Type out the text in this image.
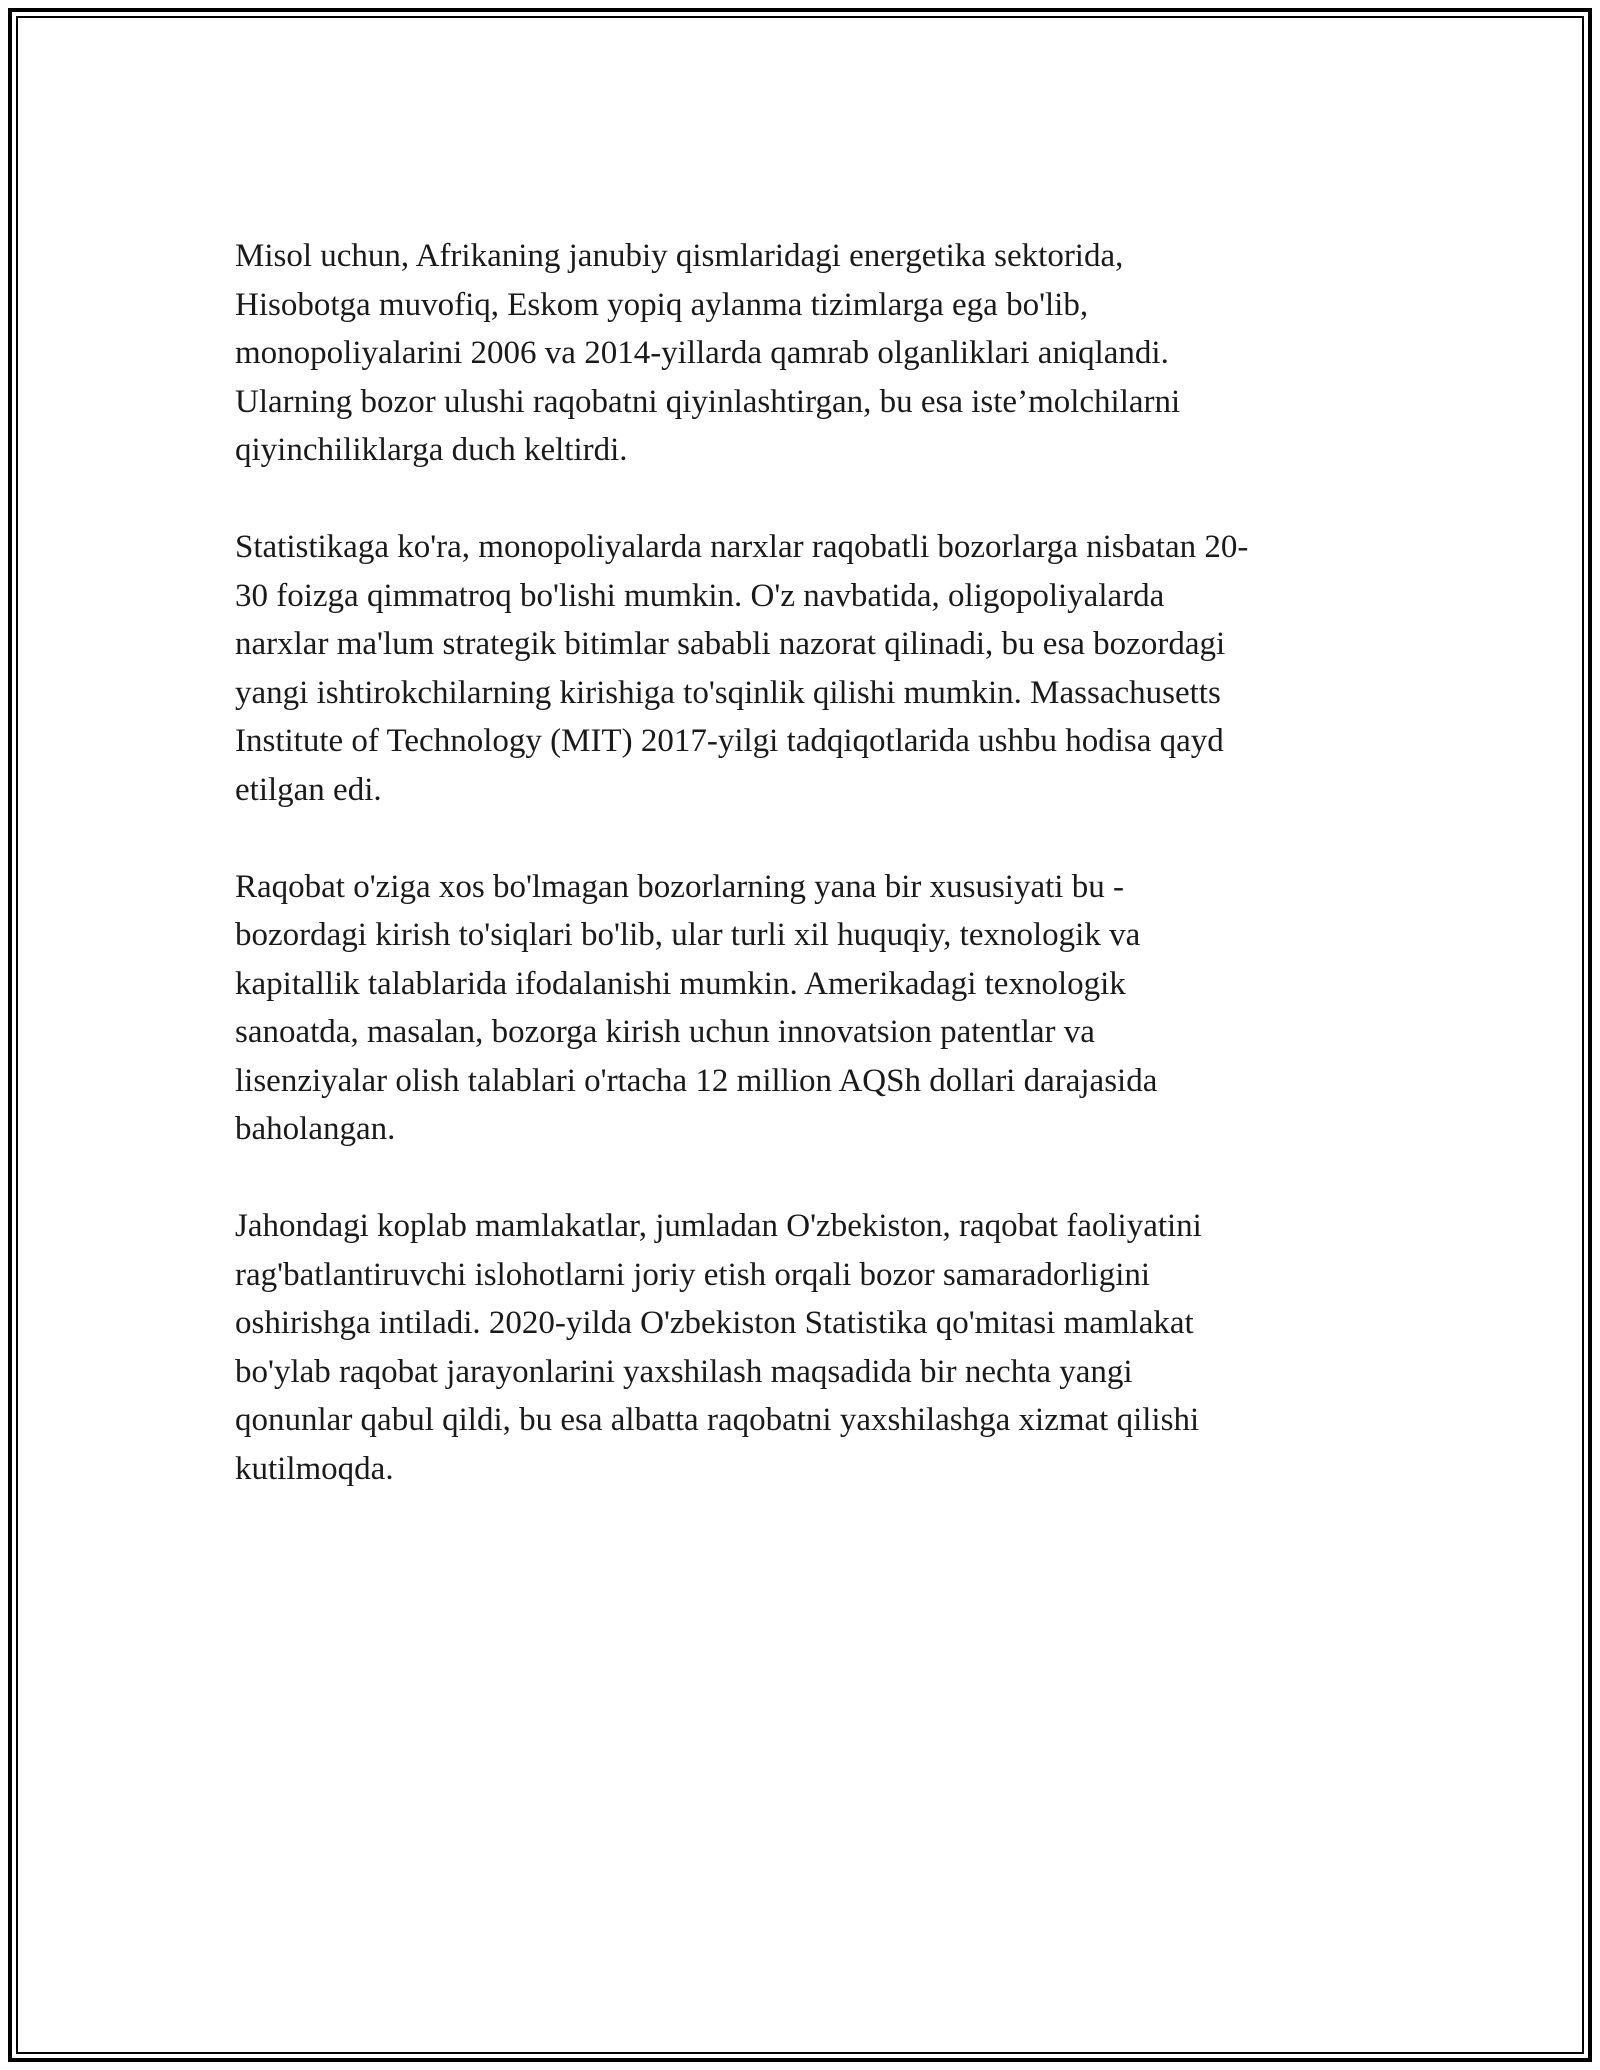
Misol uchun, Afrikaning janubiy qismlaridagi energetika sektorida,
Hisobotga muvofiq, Eskom yopiq aylanma tizimlarga ega bo'lib,
monopoliyalarini 2006 va 2014-yillarda qamrab olganliklari aniqlandi.
Ularning bozor ulushi raqobatni qiyinlashtirgan, bu esa iste’molchilarni
qiyinchiliklarga duch keltirdi.

Statistikaga ko'ra, monopoliyalarda narxlar raqobatli bozorlarga nisbatan 20-
30 foizga qimmatroq bo'lishi mumkin. O'z navbatida, oligopoliyalarda
narxlar ma'lum strategik bitimlar sababli nazorat qilinadi, bu esa bozordagi
yangi ishtirokchilarning kirishiga to'sqinlik qilishi mumkin. Massachusetts
Institute of Technology (MIT) 2017-yilgi tadqiqotlarida ushbu hodisa qayd
etilgan edi.

Raqobat o'ziga xos bo'lmagan bozorlarning yana bir xususiyati bu -
bozordagi kirish to'siqlari bo'lib, ular turli xil huquqiy, texnologik va
kapitallik talablarida ifodalanishi mumkin. Amerikadagi texnologik
sanoatda, masalan, bozorga kirish uchun innovatsion patentlar va
lisenziyalar olish talablari o'rtacha 12 million AQSh dollari darajasida
baholangan.

Jahondagi koplab mamlakatlar, jumladan O'zbekiston, raqobat faoliyatini
rag'batlantiruvchi islohotlarni joriy etish orqali bozor samaradorligini
oshirishga intiladi. 2020-yilda O'zbekiston Statistika qo'mitasi mamlakat
bo'ylab raqobat jarayonlarini yaxshilash maqsadida bir nechta yangi
qonunlar qabul qildi, bu esa albatta raqobatni yaxshilashga xizmat qilishi
kutilmoqda.
